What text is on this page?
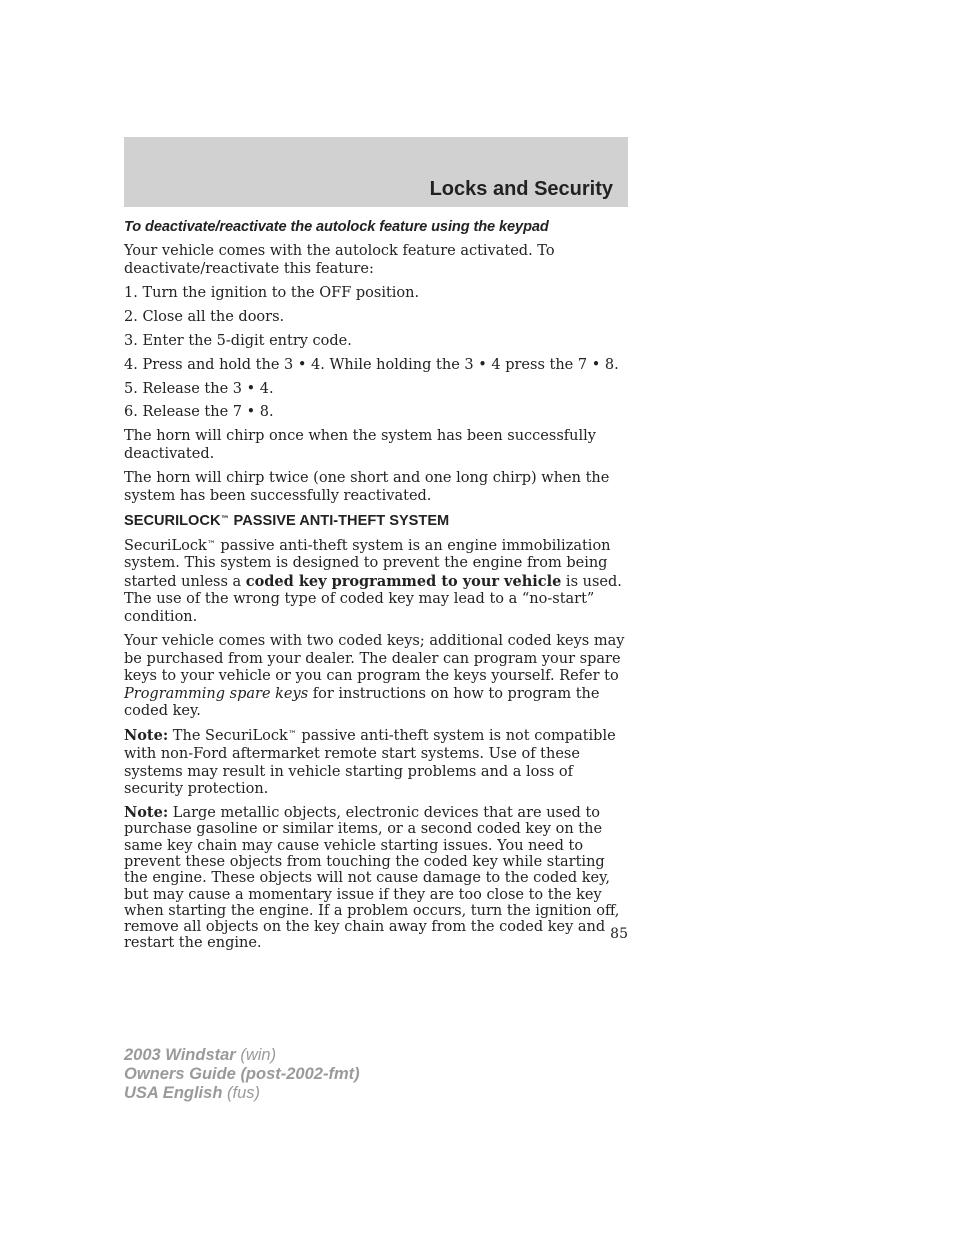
Locks and Security

To deactivate/reactivate the autolock feature using the keypad

Your vehicle comes with the autolock feature activated. To deactivate/reactivate this feature:

1. Turn the ignition to the OFF position.

2. Close all the doors.

3. Enter the 5-digit entry code.

4. Press and hold the 3 • 4. While holding the 3 • 4 press the 7 • 8.

5. Release the 3 • 4.

6. Release the 7 • 8.

The horn will chirp once when the system has been successfully deactivated.

The horn will chirp twice (one short and one long chirp) when the system has been successfully reactivated.

SECURILOCK™ PASSIVE ANTI-THEFT SYSTEM

SecuriLock™ passive anti-theft system is an engine immobilization system. This system is designed to prevent the engine from being started unless a coded key programmed to your vehicle is used. The use of the wrong type of coded key may lead to a “no-start” condition.

Your vehicle comes with two coded keys; additional coded keys may be purchased from your dealer. The dealer can program your spare keys to your vehicle or you can program the keys yourself. Refer to Programming spare keys for instructions on how to program the coded key.

Note: The SecuriLock™ passive anti-theft system is not compatible with non-Ford aftermarket remote start systems. Use of these systems may result in vehicle starting problems and a loss of security protection.

Note: Large metallic objects, electronic devices that are used to purchase gasoline or similar items, or a second coded key on the same key chain may cause vehicle starting issues. You need to prevent these objects from touching the coded key while starting the engine. These objects will not cause damage to the coded key, but may cause a momentary issue if they are too close to the key when starting the engine. If a problem occurs, turn the ignition off, remove all objects on the key chain away from the coded key and restart the engine.

85
2003 Windstar (win)
Owners Guide (post-2002-fmt)
USA English (fus)
